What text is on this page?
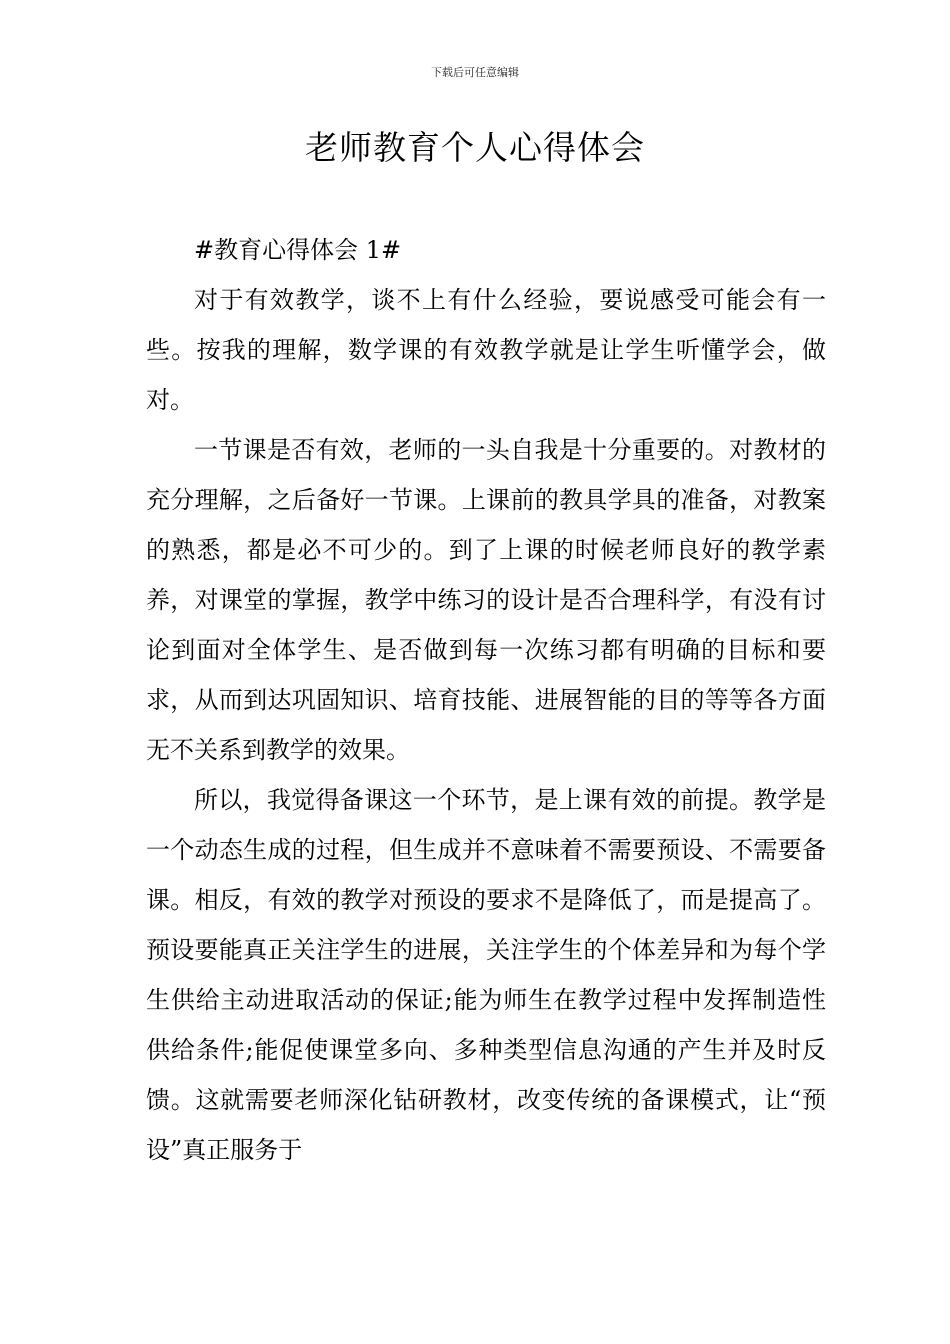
下载后可任意编辑
老师教育个人心得体会

#教育心得体会 1#

对于有效教学，谈不上有什么经验，要说感受可能会有一些。按我的理解，数学课的有效教学就是让学生听懂学会，做对。

一节课是否有效，老师的一头自我是十分重要的。对教材的充分理解，之后备好一节课。上课前的教具学具的准备，对教案的熟悉，都是必不可少的。到了上课的时候老师良好的教学素养，对课堂的掌握，教学中练习的设计是否合理科学，有没有讨论到面对全体学生、是否做到每一次练习都有明确的目标和要求，从而到达巩固知识、培育技能、进展智能的目的等等各方面无不关系到教学的效果。

所以，我觉得备课这一个环节，是上课有效的前提。教学是一个动态生成的过程，但生成并不意味着不需要预设、不需要备课。相反，有效的教学对预设的要求不是降低了，而是提高了。预设要能真正关注学生的进展，关注学生的个体差异和为每个学生供给主动进取活动的保证;能为师生在教学过程中发挥制造性供给条件;能促使课堂多向、多种类型信息沟通的产生并及时反馈。这就需要老师深化钻研教材，改变传统的备课模式，让“预设”真正服务于
